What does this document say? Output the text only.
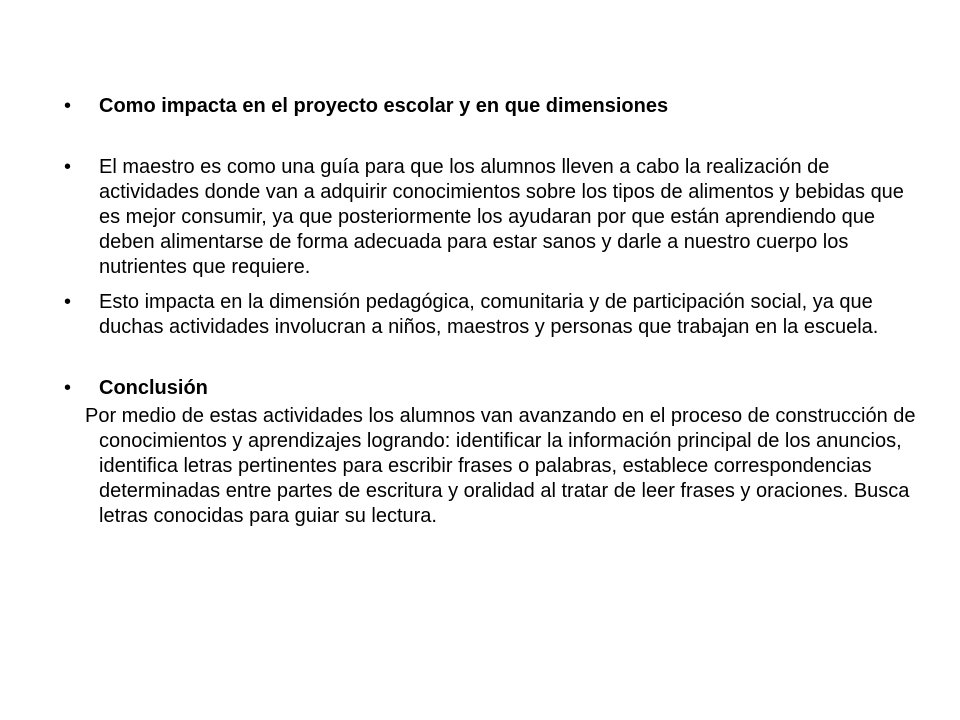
• Como impacta en el proyecto escolar y en que dimensiones
• El maestro es como una guía para que los alumnos lleven a cabo la realización de actividades donde van a adquirir conocimientos sobre los tipos de alimentos y bebidas que es mejor consumir, ya que posteriormente los ayudaran por que están aprendiendo que deben alimentarse de forma adecuada para estar sanos y darle a nuestro cuerpo los nutrientes que requiere.
• Esto impacta en la dimensión pedagógica, comunitaria y de participación social, ya que duchas actividades involucran a niños, maestros y personas que trabajan en la escuela.
• Conclusión
Por medio de estas actividades los alumnos van avanzando en el proceso de construcción de conocimientos y aprendizajes logrando: identificar la información principal de los anuncios, identifica letras pertinentes para escribir frases o palabras, establece correspondencias determinadas entre partes de escritura y oralidad al tratar de leer frases y oraciones. Busca letras conocidas para guiar su lectura.
